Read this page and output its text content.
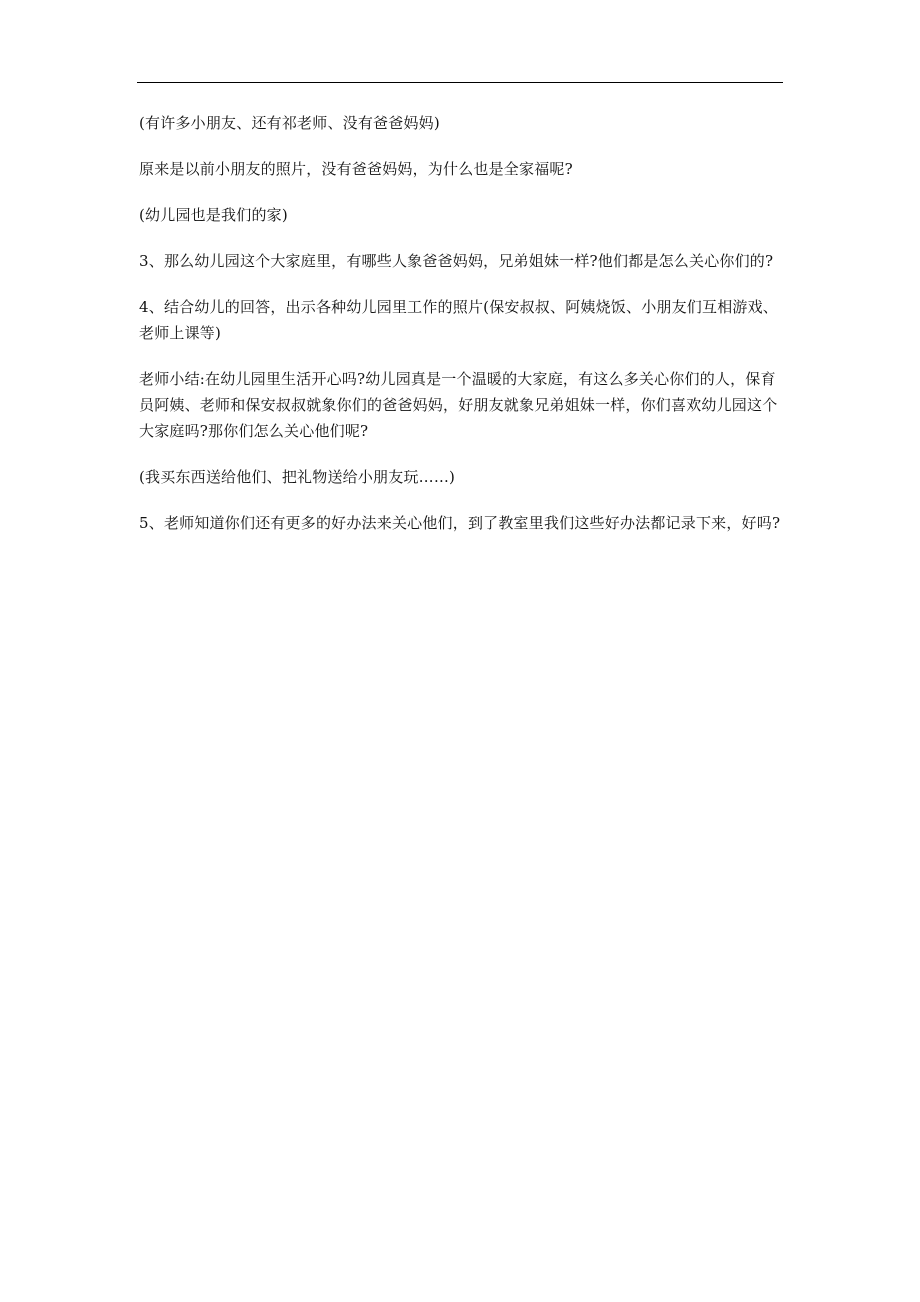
(有许多小朋友、还有祁老师、没有爸爸妈妈)

原来是以前小朋友的照片，没有爸爸妈妈，为什么也是全家福呢?

(幼儿园也是我们的家)

3、那么幼儿园这个大家庭里，有哪些人象爸爸妈妈，兄弟姐妹一样?他们都是怎么关心你们的?

4、结合幼儿的回答，出示各种幼儿园里工作的照片(保安叔叔、阿姨烧饭、小朋友们互相游戏、老师上课等)

老师小结:在幼儿园里生活开心吗?幼儿园真是一个温暖的大家庭，有这么多关心你们的人，保育员阿姨、老师和保安叔叔就象你们的爸爸妈妈，好朋友就象兄弟姐妹一样，你们喜欢幼儿园这个大家庭吗?那你们怎么关心他们呢?

(我买东西送给他们、把礼物送给小朋友玩……)

5、老师知道你们还有更多的好办法来关心他们，到了教室里我们这些好办法都记录下来，好吗?
